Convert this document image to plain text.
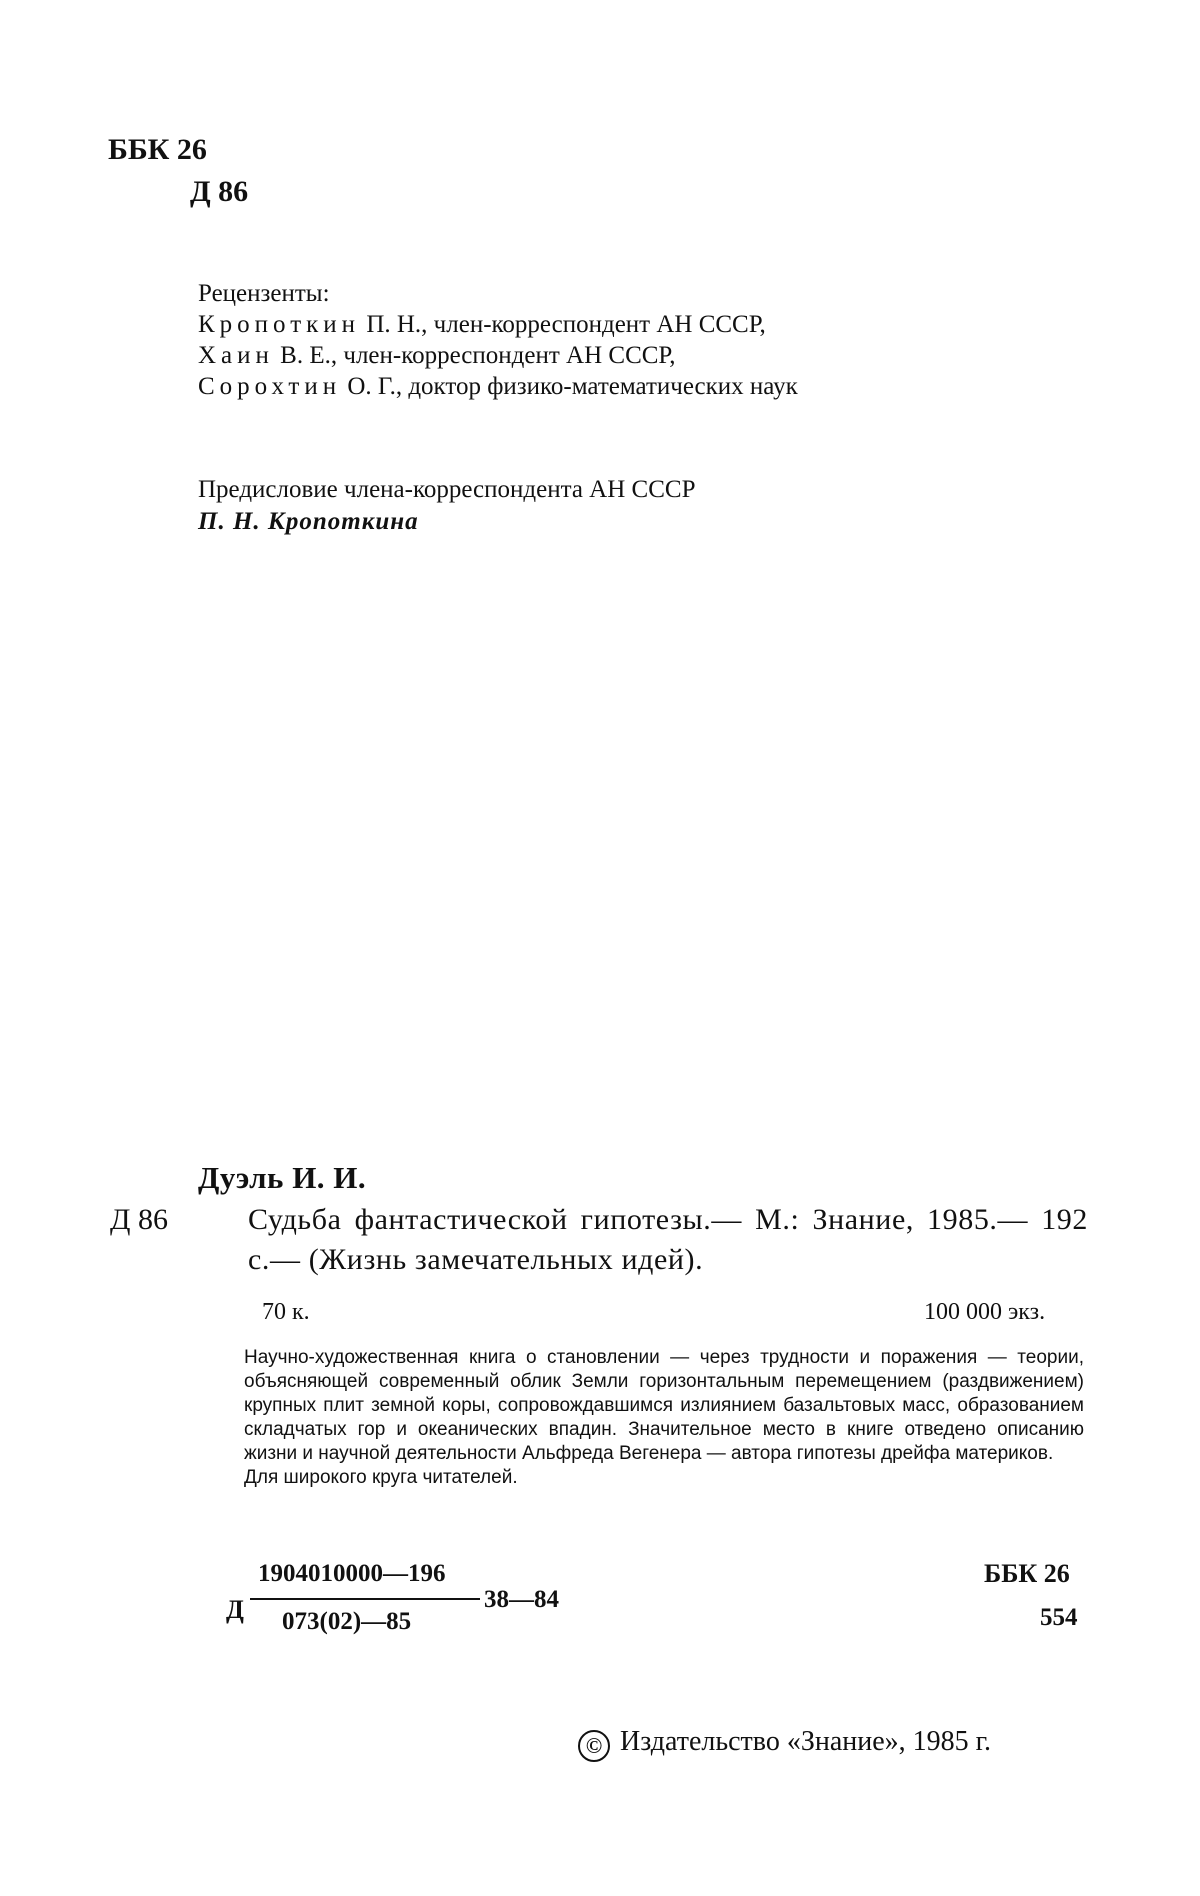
ББК 26
Д 86
Рецензенты:
Кропоткин П. Н., член-корреспондент АН СССР,
Хаин В. Е., член-корреспондент АН СССР,
Сорохтин О. Г., доктор физико-математических наук
Предисловие члена-корреспондента АН СССР
П. Н. Кропоткина
Дуэль И. И.
Д 86	Судьба фантастической гипотезы.— М.: Знание, 1985.— 192 с.— (Жизнь замечательных идей).
70 к.	100 000 экз.

Научно-художественная книга о становлении — через трудности и поражения — теории, объясняющей современный облик Земли горизонтальным перемещением (раздвижением) крупных плит земной коры, сопровождавшимся излиянием базальтовых масс, образованием складчатых гор и океанических впадин. Значительное место в книге отведено описанию жизни и научной деятельности Альфреда Вегенера — автора гипотезы дрейфа материков.

Для широкого круга читателей.

Д
1904010000—196
073(02)—85
38—84
ББК 26
554
© Издательство «Знание», 1985 г.
